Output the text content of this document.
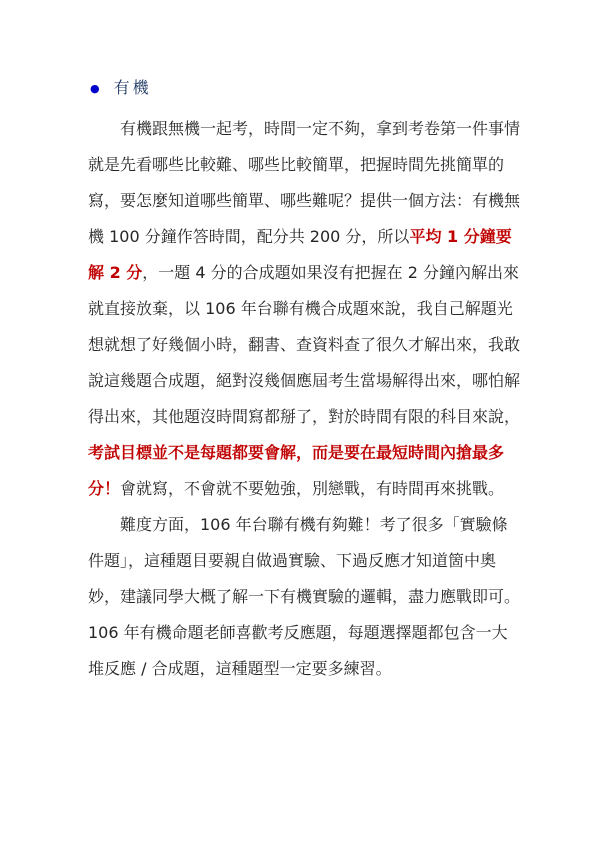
● 有機

有機跟無機一起考，時間一定不夠，拿到考卷第一件事情就是先看哪些比較難、哪些比較簡單，把握時間先挑簡單的寫，要怎麼知道哪些簡單、哪些難呢？提供一個方法：有機無機 100 分鐘作答時間，配分共 200 分，所以平均 1 分鐘要解 2 分，一題 4 分的合成題如果沒有把握在 2 分鐘內解出來就直接放棄，以 106 年台聯有機合成題來說，我自己解題光想就想了好幾個小時，翻書、查資料查了很久才解出來，我敢說這幾題合成題，絕對沒幾個應屆考生當場解得出來，哪怕解得出來，其他題沒時間寫都掰了，對於時間有限的科目來說，考試目標並不是每題都要會解，而是要在最短時間內搶最多分！會就寫，不會就不要勉強，別戀戰，有時間再來挑戰。

難度方面，106 年台聯有機有夠難！考了很多「實驗條件題」，這種題目要親自做過實驗、下過反應才知道箇中奧妙，建議同學大概了解一下有機實驗的邏輯，盡力應戰即可。106 年有機命題老師喜歡考反應題，每題選擇題都包含一大堆反應 / 合成題，這種題型一定要多練習。
